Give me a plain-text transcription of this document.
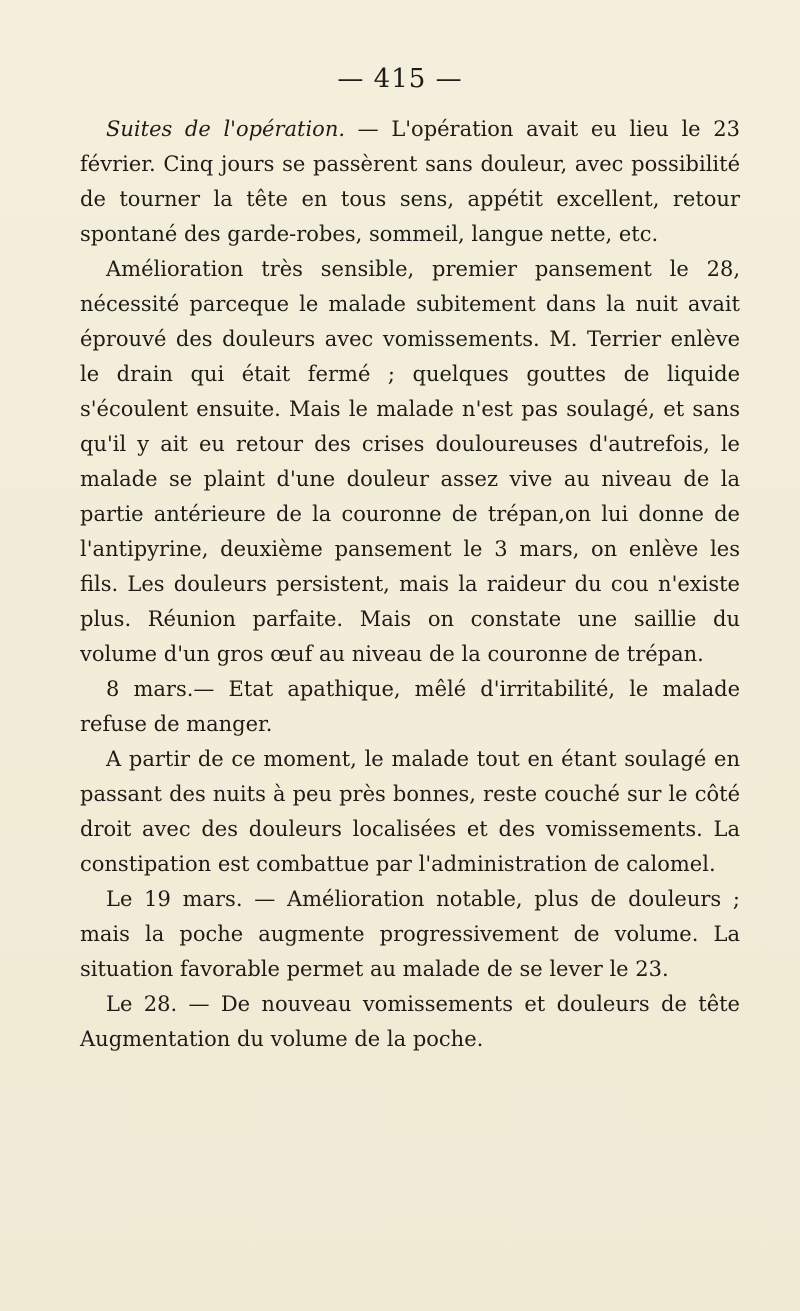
— 415 —

Suites de l'opération. — L'opération avait eu lieu le 23 février. Cinq jours se passèrent sans douleur, avec possibilité de tourner la tête en tous sens, appétit excellent, retour spontané des garde-robes, sommeil, langue nette, etc.

Amélioration très sensible, premier pansement le 28, nécessité parceque le malade subitement dans la nuit avait éprouvé des douleurs avec vomissements. M. Terrier enlève le drain qui était fermé ; quelques gouttes de liquide s'écoulent ensuite. Mais le malade n'est pas soulagé, et sans qu'il y ait eu retour des crises douloureuses d'autrefois, le malade se plaint d'une douleur assez vive au niveau de la partie antérieure de la couronne de trépan,on lui donne de l'antipyrine, deuxième pansement le 3 mars, on enlève les fils. Les douleurs persistent, mais la raideur du cou n'existe plus. Réunion parfaite. Mais on constate une saillie du volume d'un gros œuf au niveau de la couronne de trépan.

8 mars.— Etat apathique, mêlé d'irritabilité, le malade refuse de manger.

A partir de ce moment, le malade tout en étant soulagé en passant des nuits à peu près bonnes, reste couché sur le côté droit avec des douleurs localisées et des vomissements. La constipation est combattue par l'administration de calomel.

Le 19 mars. — Amélioration notable, plus de douleurs ; mais la poche augmente progressivement de volume. La situation favorable permet au malade de se lever le 23.

Le 28. — De nouveau vomissements et douleurs de tête Augmentation du volume de la poche.
